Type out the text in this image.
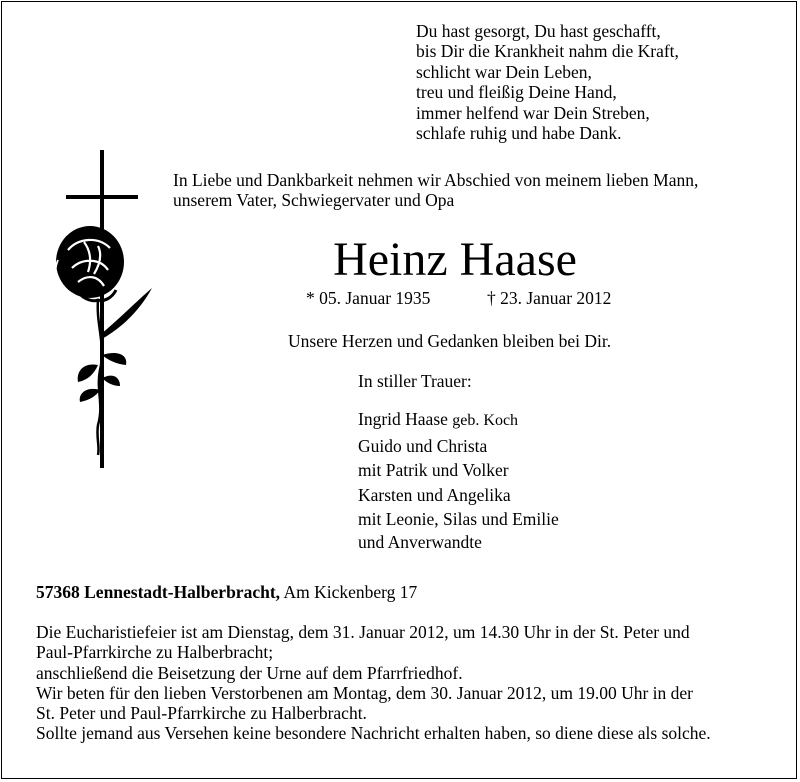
Du hast gesorgt, Du hast geschafft,
bis Dir die Krankheit nahm die Kraft,
schlicht war Dein Leben,
treu und fleißig Deine Hand,
immer helfend war Dein Streben,
schlafe ruhig und habe Dank.
In Liebe und Dankbarkeit nehmen wir Abschied von meinem lieben Mann,
unserem Vater, Schwiegervater und Opa
Heinz Haase
* 05. Januar 1935	† 23. Januar 2012
Unsere Herzen und Gedanken bleiben bei Dir.
In stiller Trauer:
Ingrid Haase geb. Koch
Guido und Christa
mit Patrik und Volker
Karsten und Angelika
mit Leonie, Silas und Emilie
und Anverwandte
57368 Lennestadt-Halberbracht, Am Kickenberg 17
Die Eucharistiefeier ist am Dienstag, dem 31. Januar 2012, um 14.30 Uhr in der St. Peter und
Paul-Pfarrkirche zu Halberbracht;
anschließend die Beisetzung der Urne auf dem Pfarrfriedhof.
Wir beten für den lieben Verstorbenen am Montag, dem 30. Januar 2012, um 19.00 Uhr in der
St. Peter und Paul-Pfarrkirche zu Halberbracht.
Sollte jemand aus Versehen keine besondere Nachricht erhalten haben, so diene diese als solche.
